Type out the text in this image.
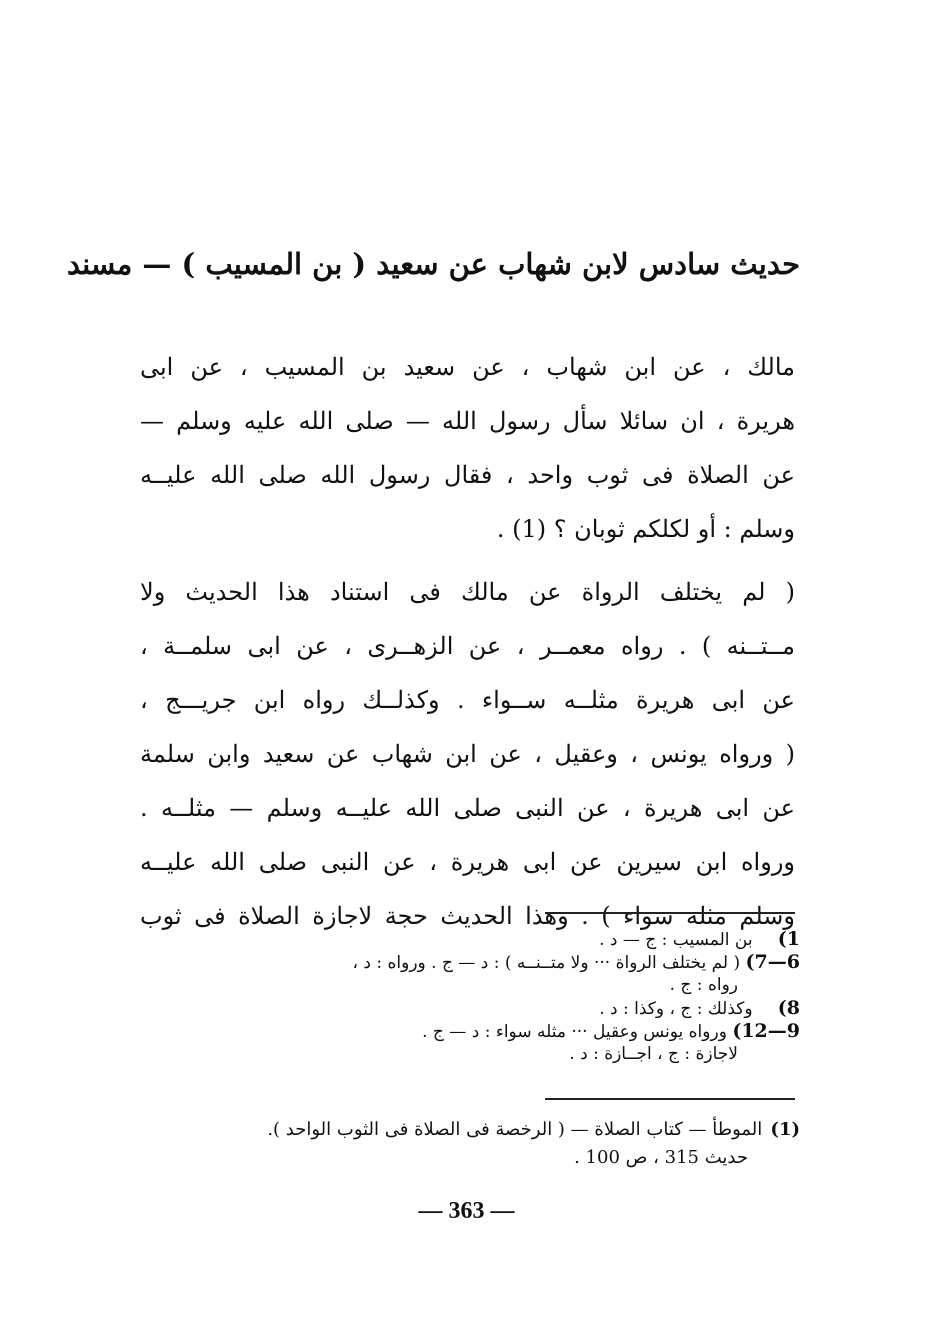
حديث سادس لابن شهاب عن سعيد ( بن المسيب ) — مسند
مالك ، عن ابن شهاب ، عن سعيد بن المسيب ، عن ابى
هريرة ، ان سائلا سأل رسول الله — صلى الله عليه وسلم —
عن الصلاة فى ثوب واحد ، فقال رسول الله صلى الله عليــه
وسلم : أو لكلكم ثوبان ؟ (1) .
( لم يختلف الرواة عن مالك فى استناد هذا الحديث ولا
مــتــنه ) . رواه معمــر ، عن الزهــرى ، عن ابى سلمــة ،
عن ابى هريرة مثلــه ســواء . وكذلــك رواه ابن جريـــج ،
( ورواه يونس ، وعقيل ، عن ابن شهاب عن سعيد وابن سلمة
عن ابى هريرة ، عن النبى صلى الله عليــه وسلم — مثلــه .
ورواه ابن سيرين عن ابى هريرة ، عن النبى صلى الله عليــه
وسلم مثله سواء ) . وهذا الحديث حجة لاجازة الصلاة فى ثوب
1) بن المسيب : ج — د .
6—7) ( لم يختلف الرواة ··· ولا متــنــه ) : د — ج . ورواه : د ،
رواه : ج .
8) وكذلك : ج ، وكذا : د .
9—12) ورواه يونس وعقيل ··· مثله سواء : د — ج .
لاجازة : ج ، اجــازة : د .
(1) الموطأ — كتاب الصلاة — ( الرخصة فى الصلاة فى الثوب الواحد ).
حديث 315 ، ص 100 .
— 363 —
